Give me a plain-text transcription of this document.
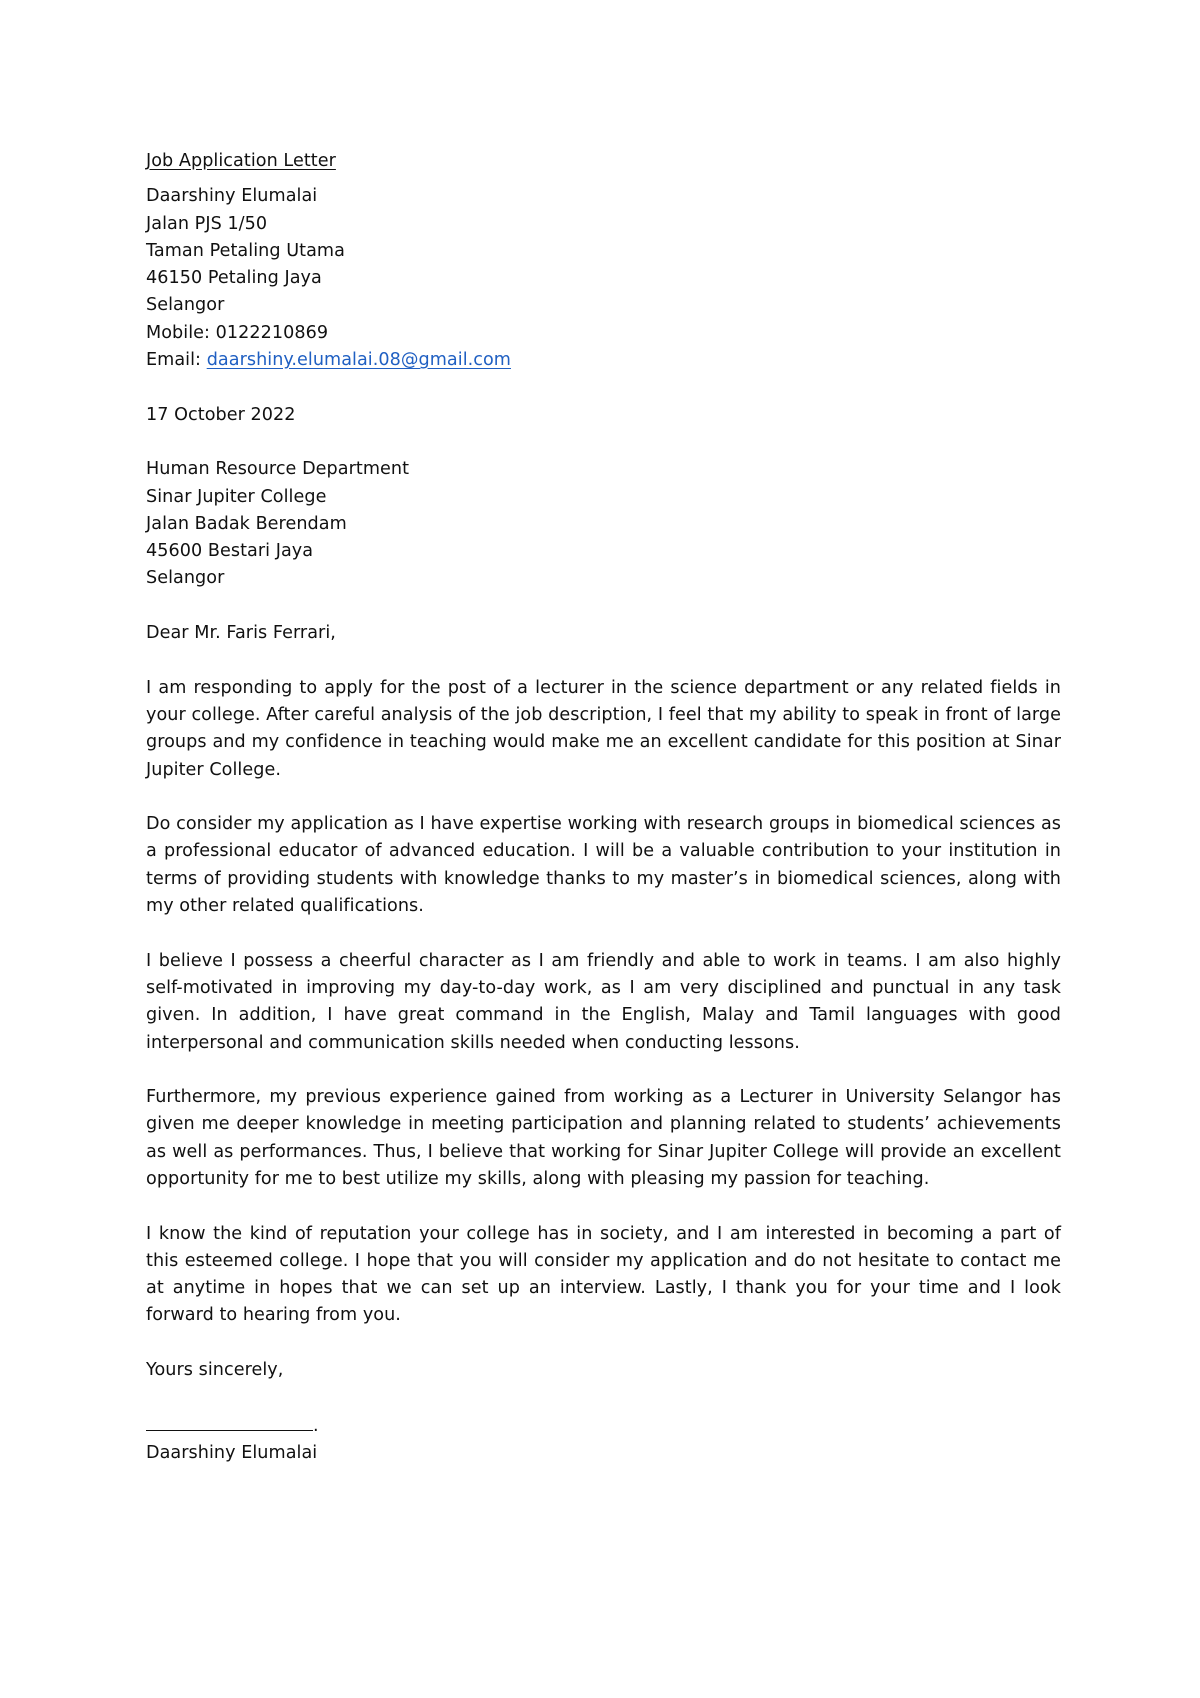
Job Application Letter
Daarshiny Elumalai
Jalan PJS 1/50
Taman Petaling Utama
46150 Petaling Jaya
Selangor
Mobile: 0122210869
Email: daarshiny.elumalai.08@gmail.com
17 October 2022
Human Resource Department
Sinar Jupiter College
Jalan Badak Berendam
45600 Bestari Jaya
Selangor
Dear Mr. Faris Ferrari,

I am responding to apply for the post of a lecturer in the science department or any related fields in your college. After careful analysis of the job description, I feel that my ability to speak in front of large groups and my confidence in teaching would make me an excellent candidate for this position at Sinar Jupiter College.

Do consider my application as I have expertise working with research groups in biomedical sciences as a professional educator of advanced education. I will be a valuable contribution to your institution in terms of providing students with knowledge thanks to my master’s in biomedical sciences, along with my other related qualifications.

I believe I possess a cheerful character as I am friendly and able to work in teams. I am also highly self-motivated in improving my day-to-day work, as I am very disciplined and punctual in any task given. In addition, I have great command in the English, Malay and Tamil languages with good interpersonal and communication skills needed when conducting lessons.

Furthermore, my previous experience gained from working as a Lecturer in University Selangor has given me deeper knowledge in meeting participation and planning related to students’ achievements as well as performances. Thus, I believe that working for Sinar Jupiter College will provide an excellent opportunity for me to best utilize my skills, along with pleasing my passion for teaching.

I know the kind of reputation your college has in society, and I am interested in becoming a part of this esteemed college. I hope that you will consider my application and do not hesitate to contact me at anytime in hopes that we can set up an interview. Lastly, I thank you for your time and I look forward to hearing from you.

Yours sincerely,
.
Daarshiny Elumalai
